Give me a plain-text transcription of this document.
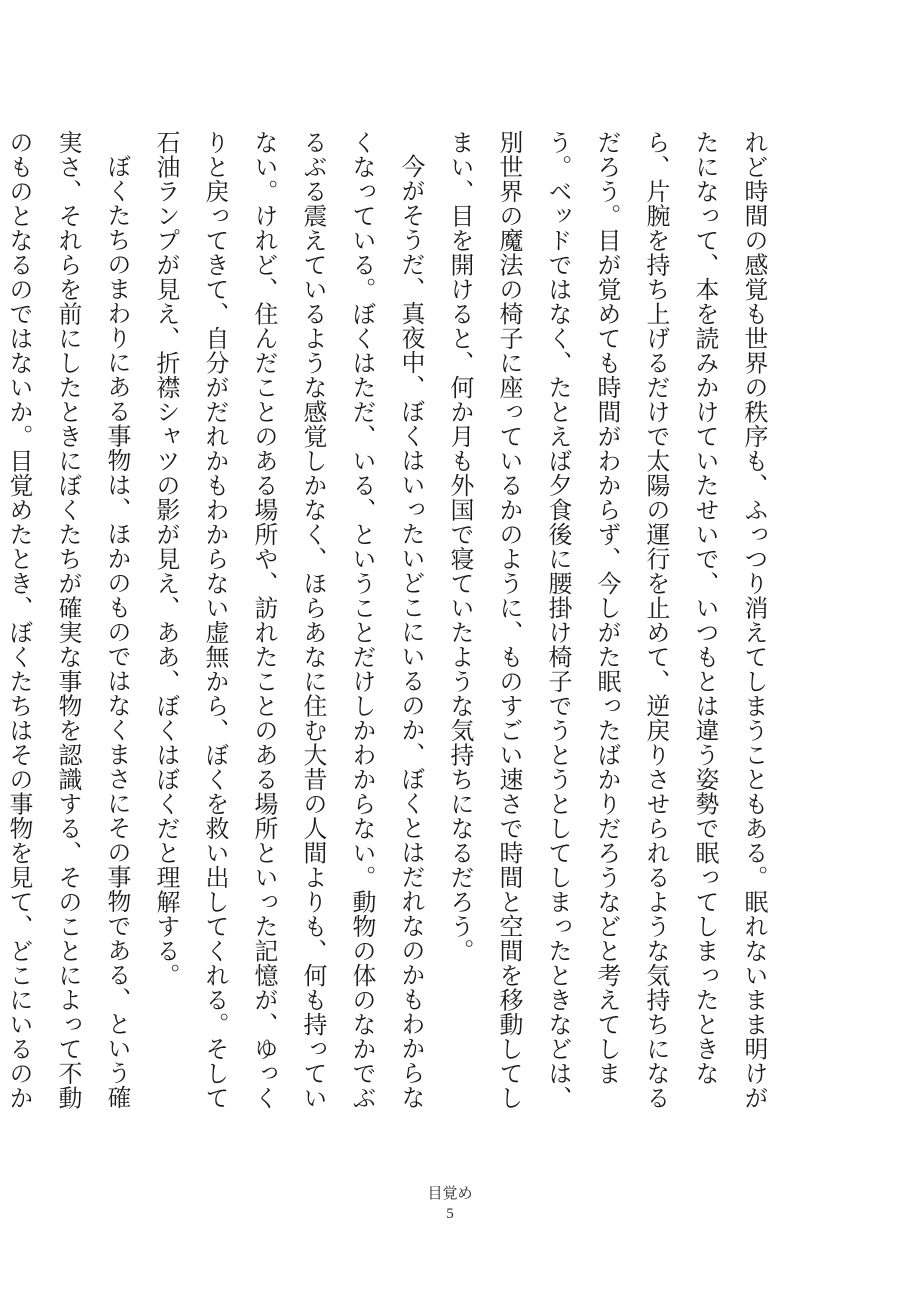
れど時間の感覚も世界の秩序も、ふっつり消えてしまうこともある。眠れないまま明けがたになって、本を読みかけていたせいで、いつもとは違う姿勢で眠ってしまったときなら、片腕を持ち上げるだけで太陽の運行を止めて、逆戻りさせられるような気持ちになるだろう。目が覚めても時間がわからず、今しがた眠ったばかりだろうなどと考えてしまう。ベッドではなく、たとえば夕食後に腰掛け椅子でうとうとしてしまったときなどは、別世界の魔法の椅子に座っているかのように、ものすごい速さで時間と空間を移動してしまい、目を開けると、何か月も外国で寝ていたような気持ちになるだろう。

今がそうだ、真夜中、ぼくはいったいどこにいるのか、ぼくとはだれなのかもわからなくなっている。ぼくはただ、いる、ということだけしかわからない。動物の体のなかでぶるぶる震えているような感覚しかなく、ほらあなに住む大昔の人間よりも、何も持っていない。けれど、住んだことのある場所や、訪れたことのある場所といった記憶が、ゆっくりと戻ってきて、自分がだれかもわからない虚無から、ぼくを救い出してくれる。そして石油ランプが見え、折襟シャツの影が見え、ああ、ぼくはぼくだと理解する。

ぼくたちのまわりにある事物は、ほかのものではなくまさにその事物である、という確実さ、それらを前にしたときにぼくたちが確実な事物を認識する、そのことによって不動のものとなるのではないか。目覚めたとき、ぼくたちはその事物を見て、どこにいるのか

目覚め
5
